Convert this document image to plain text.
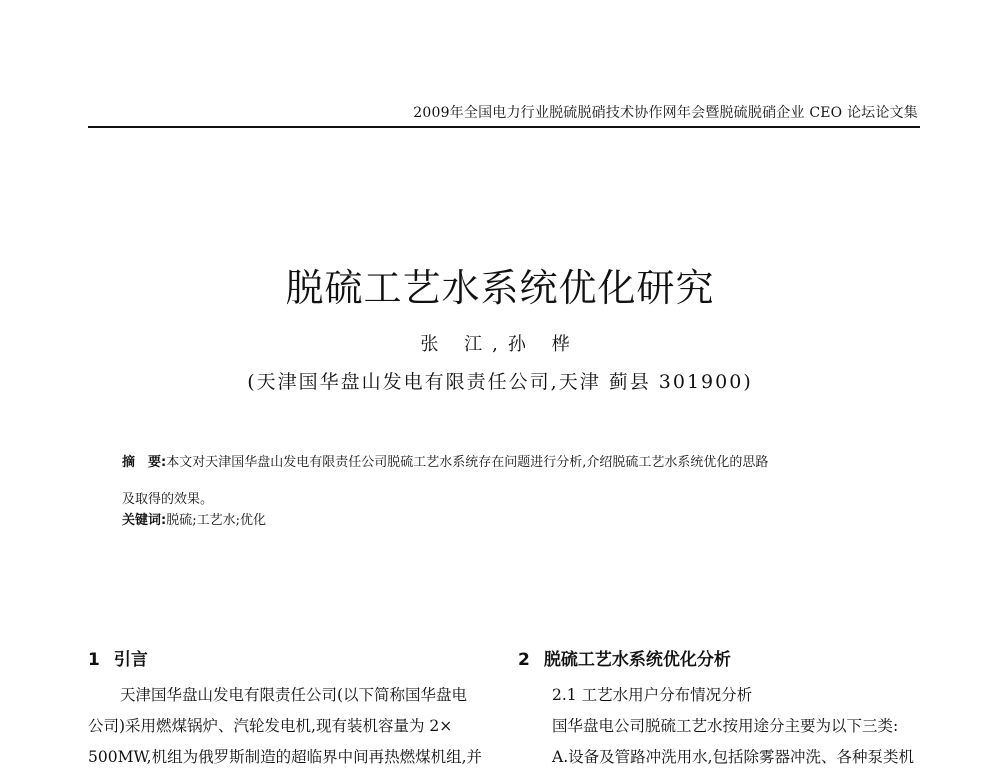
2009年全国电力行业脱硫脱硝技术协作网年会暨脱硫脱硝企业 CEO 论坛论文集
脱硫工艺水系统优化研究
张 江,孙 桦
(天津国华盘山发电有限责任公司,天津 蓟县 301900)
摘　要:本文对天津国华盘山发电有限责任公司脱硫工艺水系统存在问题进行分析,介绍脱硫工艺水系统优化的思路
及取得的效果。
关键词:脱硫;工艺水;优化
1 引言
天津国华盘山发电有限责任公司(以下简称国华盘电
公司)采用燃煤锅炉、汽轮发电机,现有装机容量为 2×
500MW,机组为俄罗斯制造的超临界中间再热燃煤机组,并
2 脱硫工艺水系统优化分析
2.1 工艺水用户分布情况分析
国华盘电公司脱硫工艺水按用途分主要为以下三类:
A.设备及管路冲洗用水,包括除雾器冲洗、各种泵类机
